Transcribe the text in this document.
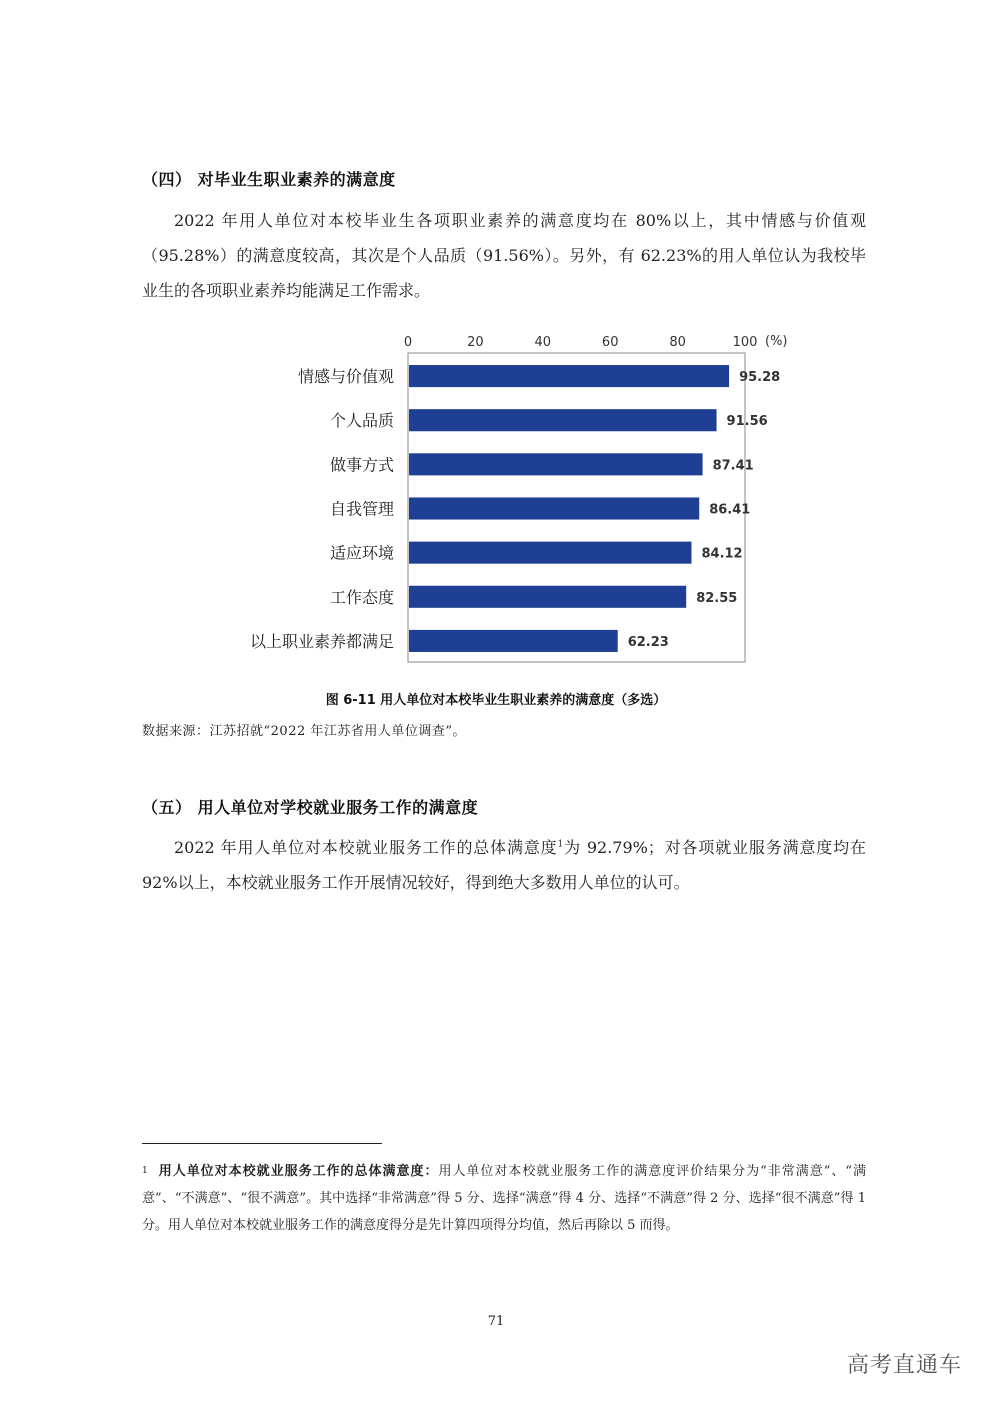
（四） 对毕业生职业素养的满意度

2022 年用人单位对本校毕业生各项职业素养的满意度均在 80%以上，其中情感与价值观（95.28%）的满意度较高，其次是个人品质（91.56%）。另外，有 62.23%的用人单位认为我校毕业生的各项职业素养均能满足工作需求。

0	20	40	60	80	100 (%)
情感与价值观	95.28
个人品质	91.56
做事方式	87.41
自我管理	86.41
适应环境	84.12
工作态度	82.55
以上职业素养都满足	62.23
图 6-11 用人单位对本校毕业生职业素养的满意度（多选）
数据来源：江苏招就“2022 年江苏省用人单位调查”。
（五） 用人单位对学校就业服务工作的满意度

2022 年用人单位对本校就业服务工作的总体满意度$^1$为 92.79%；对各项就业服务满意度均在 92%以上，本校就业服务工作开展情况较好，得到绝大多数用人单位的认可。

$^1$ 用人单位对本校就业服务工作的总体满意度：用人单位对本校就业服务工作的满意度评价结果分为“非常满意”、“满意”、“不满意”、“很不满意”。其中选择“非常满意”得 5 分、选择“满意”得 4 分、选择“不满意”得 2 分、选择“很不满意”得 1 分。用人单位对本校就业服务工作的满意度得分是先计算四项得分均值，然后再除以 5 而得。

71
高考直通车
